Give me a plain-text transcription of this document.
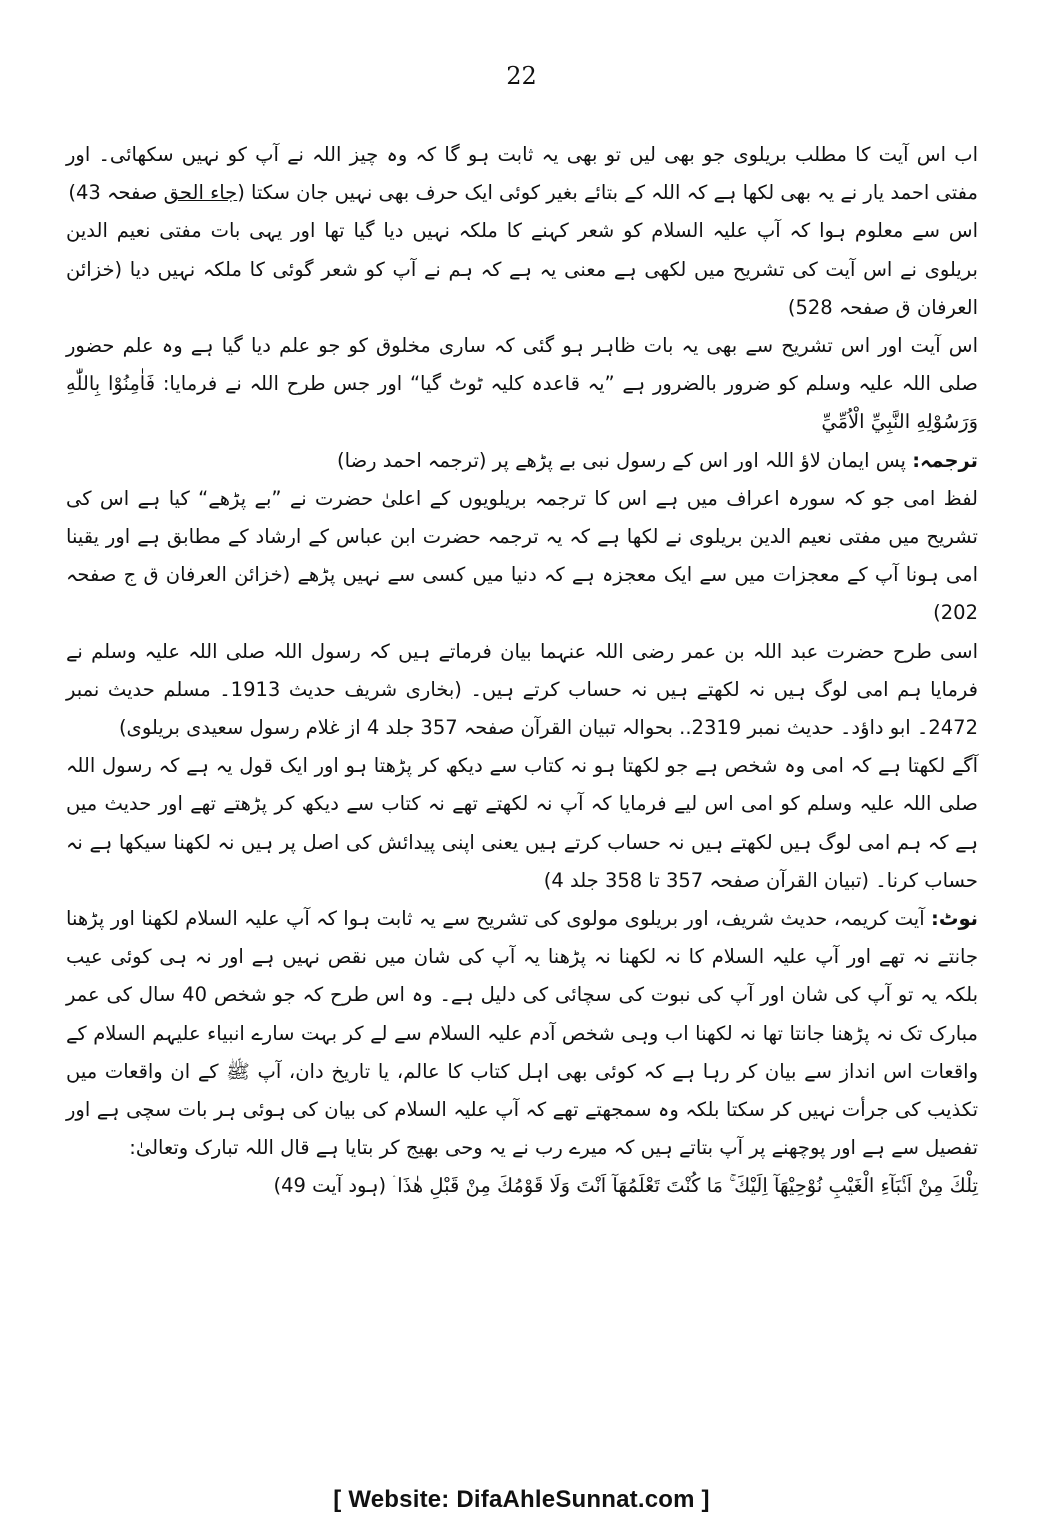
22

اب اس آیت کا مطلب بریلوی جو بھی لیں تو بھی یہ ثابت ہو گا کہ وہ چیز اللہ نے آپ کو نہیں سکھائی۔ اور مفتی احمد یار نے یہ بھی لکھا ہے کہ اللہ کے بتائے بغیر کوئی ایک حرف بھی نہیں جان سکتا (جاء الحق صفحہ 43)

اس سے معلوم ہوا کہ آپ علیہ السلام کو شعر کہنے کا ملکہ نہیں دیا گیا تھا اور یہی بات مفتی نعیم الدین بریلوی نے اس آیت کی تشریح میں لکھی ہے معنی یہ ہے کہ ہم نے آپ کو شعر گوئی کا ملکہ نہیں دیا (خزائن العرفان ق صفحہ 528)

اس آیت اور اس تشریح سے بھی یہ بات ظاہر ہو گئی کہ ساری مخلوق کو جو علم دیا گیا ہے وہ علم حضور صلی اللہ علیہ وسلم کو ضرور بالضرور ہے ”یہ قاعدہ کلیہ ٹوٹ گیا“ اور جس طرح اللہ نے فرمایا: فَاٰمِنُوْا بِاللّٰهِ وَرَسُوْلِهِ النَّبِيِّ الْاُمِّيِّ

ترجمہ: پس ایمان لاؤ اللہ اور اس کے رسول نبی بے پڑھے پر (ترجمہ احمد رضا)

لفظ امی جو کہ سورہ اعراف میں ہے اس کا ترجمہ بریلویوں کے اعلیٰ حضرت نے ”بے پڑھے“ کیا ہے اس کی تشریح میں مفتی نعیم الدین بریلوی نے لکھا ہے کہ یہ ترجمہ حضرت ابن عباس کے ارشاد کے مطابق ہے اور یقینا امی ہونا آپ کے معجزات میں سے ایک معجزہ ہے کہ دنیا میں کسی سے نہیں پڑھے (خزائن العرفان ق ج صفحہ 202)

اسی طرح حضرت عبد اللہ بن عمر رضی اللہ عنہما بیان فرماتے ہیں کہ رسول اللہ صلی اللہ علیہ وسلم نے فرمایا ہم امی لوگ ہیں نہ لکھتے ہیں نہ حساب کرتے ہیں۔ (بخاری شریف حدیث 1913۔ مسلم حدیث نمبر 2472۔ ابو داؤد۔ حدیث نمبر 2319.. بحوالہ تبیان القرآن صفحہ 357 جلد 4 از غلام رسول سعیدی بریلوی)

آگے لکھتا ہے کہ امی وہ شخص ہے جو لکھتا ہو نہ کتاب سے دیکھ کر پڑھتا ہو اور ایک قول یہ ہے کہ رسول اللہ صلی اللہ علیہ وسلم کو امی اس لیے فرمایا کہ آپ نہ لکھتے تھے نہ کتاب سے دیکھ کر پڑھتے تھے اور حدیث میں ہے کہ ہم امی لوگ ہیں لکھتے ہیں نہ حساب کرتے ہیں یعنی اپنی پیدائش کی اصل پر ہیں نہ لکھنا سیکھا ہے نہ حساب کرنا۔ (تبیان القرآن صفحہ 357 تا 358 جلد 4)

نوٹ: آیت کریمہ، حدیث شریف، اور بریلوی مولوی کی تشریح سے یہ ثابت ہوا کہ آپ علیہ السلام لکھنا اور پڑھنا جانتے نہ تھے اور آپ علیہ السلام کا نہ لکھنا نہ پڑھنا یہ آپ کی شان میں نقص نہیں ہے اور نہ ہی کوئی عیب بلکہ یہ تو آپ کی شان اور آپ کی نبوت کی سچائی کی دلیل ہے۔ وہ اس طرح کہ جو شخص 40 سال کی عمر مبارک تک نہ پڑھنا جانتا تھا نہ لکھنا اب وہی شخص آدم علیہ السلام سے لے کر بہت سارے انبیاء علیہم السلام کے واقعات اس انداز سے بیان کر رہا ہے کہ کوئی بھی اہل کتاب کا عالم، یا تاریخ دان، آپ ﷺ کے ان واقعات میں تکذیب کی جرأت نہیں کر سکتا بلکہ وہ سمجھتے تھے کہ آپ علیہ السلام کی بیان کی ہوئی ہر بات سچی ہے اور تفصیل سے ہے اور پوچھنے پر آپ بتاتے ہیں کہ میرے رب نے یہ وحی بھیج کر بتایا ہے قال اللہ تبارک وتعالیٰ:

تِلْكَ مِنْ اَنْۢبَآءِ الْغَيْبِ نُوْحِيْهَآ اِلَيْكَ ۚ مَا كُنْتَ تَعْلَمُهَآ اَنْتَ وَلَا قَوْمُكَ مِنْ قَبْلِ هٰذَا ۛ (ہود آیت 49)

[ Website: DifaAhleSunnat.com ]
